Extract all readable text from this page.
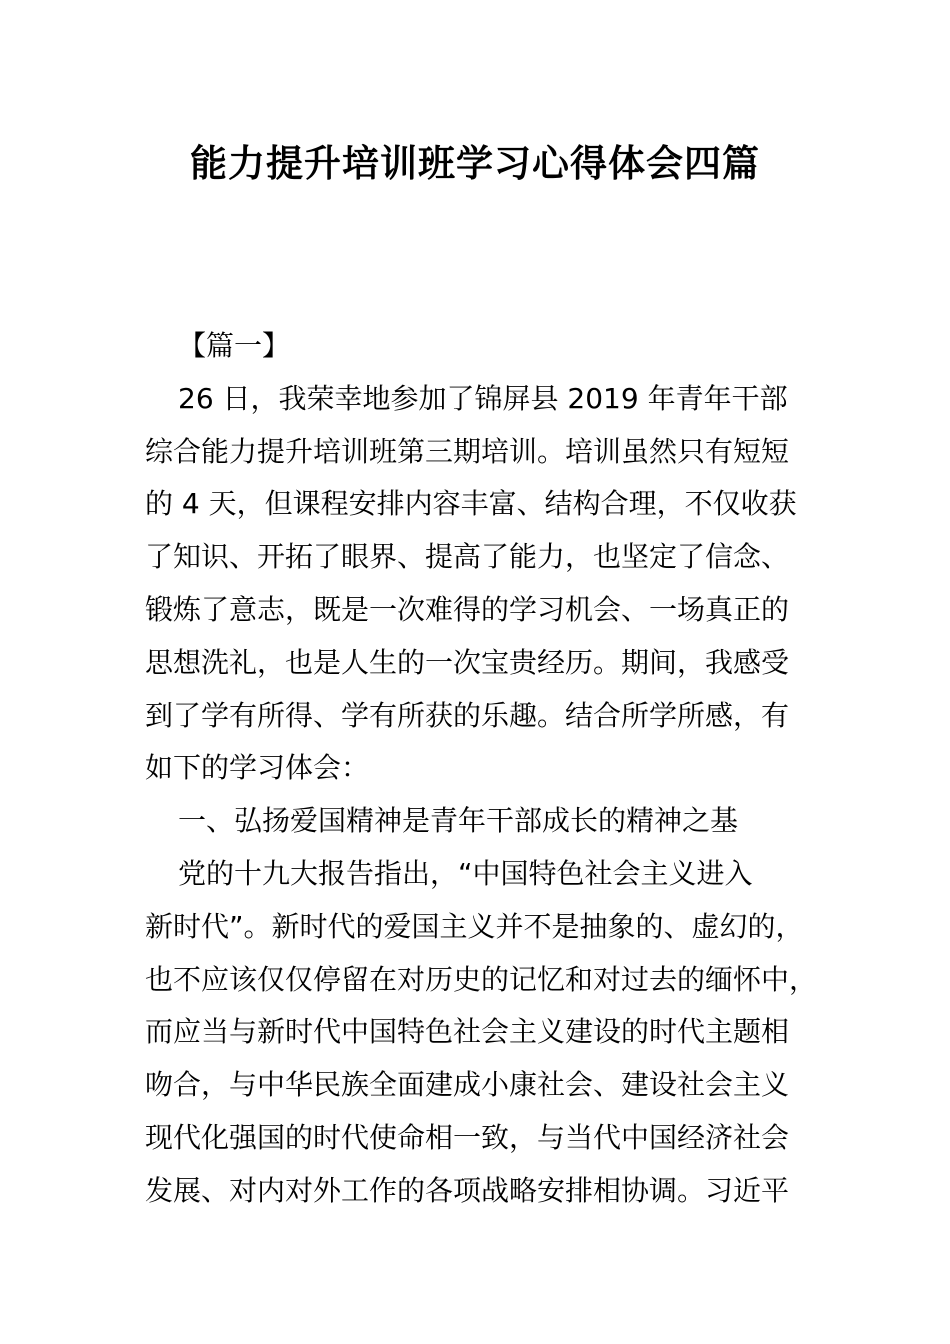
能力提升培训班学习心得体会四篇
【篇一】
26 日，我荣幸地参加了锦屏县 2019 年青年干部
综合能力提升培训班第三期培训。培训虽然只有短短
的 4 天，但课程安排内容丰富、结构合理，不仅收获
了知识、开拓了眼界、提高了能力，也坚定了信念、
锻炼了意志，既是一次难得的学习机会、一场真正的
思想洗礼，也是人生的一次宝贵经历。期间，我感受
到了学有所得、学有所获的乐趣。结合所学所感，有
如下的学习体会：
一、弘扬爱国精神是青年干部成长的精神之基
党的十九大报告指出，“中国特色社会主义进入
新时代”。新时代的爱国主义并不是抽象的、虚幻的，
也不应该仅仅停留在对历史的记忆和对过去的缅怀中，
而应当与新时代中国特色社会主义建设的时代主题相
吻合，与中华民族全面建成小康社会、建设社会主义
现代化强国的时代使命相一致，与当代中国经济社会
发展、对内对外工作的各项战略安排相协调。习近平
